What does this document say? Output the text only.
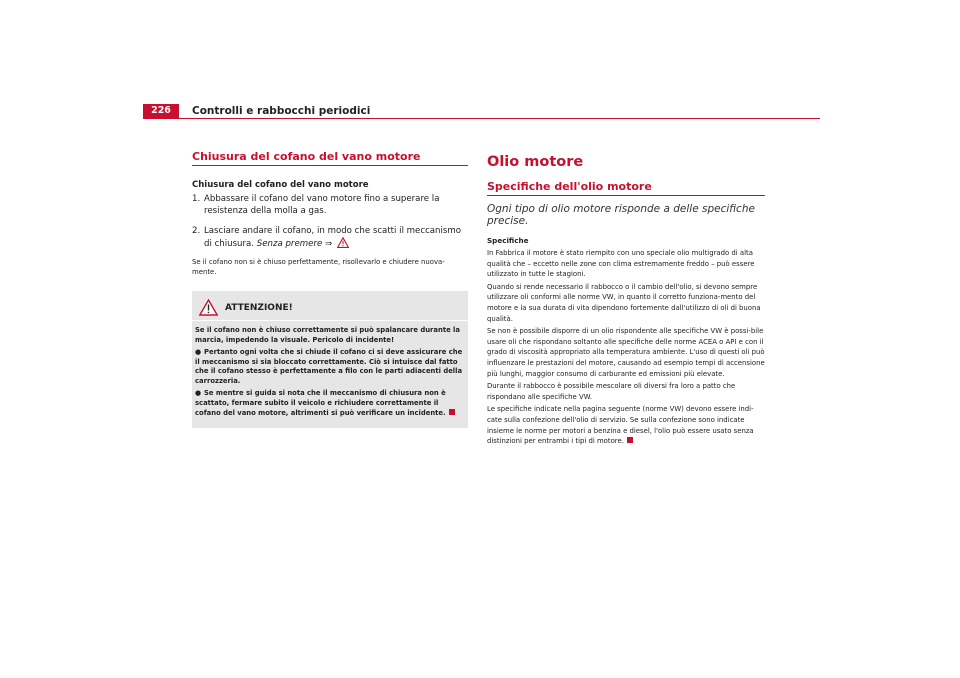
226	Controlli e rabbocchi periodici
Chiusura del cofano del vano motore
Chiusura del cofano del vano motore
1. Abbassare il cofano del vano motore fino a superare la resistenza della molla a gas.
2. Lasciare andare il cofano, in modo che scatti il meccanismo di chiusura. Senza premere ⇒
Se il cofano non si è chiuso perfettamente, risollevarlo e chiudere nuova-mente.
ATTENZIONE!
Se il cofano non è chiuso correttamente si può spalancare durante la marcia, impedendo la visuale. Pericolo di incidente!
● Pertanto ogni volta che si chiude il cofano ci si deve assicurare che il meccanismo si sia bloccato correttamente. Ciò si intuisce dal fatto che il cofano stesso è perfettamente a filo con le parti adiacenti della carrozzeria.
● Se mentre si guida si nota che il meccanismo di chiusura non è scattato, fermare subito il veicolo e richiudere correttamente il cofano del vano motore, altrimenti si può verificare un incidente.
Olio motore
Specifiche dell'olio motore
Ogni tipo di olio motore risponde a delle specifiche precise.
Specifiche
In Fabbrica il motore è stato riempito con uno speciale olio multigrado di alta qualità che – eccetto nelle zone con clima estremamente freddo – può essere utilizzato in tutte le stagioni.
Quando si rende necessario il rabbocco o il cambio dell'olio, si devono sempre utilizzare oli conformi alle norme VW, in quanto il corretto funziona-mento del motore e la sua durata di vita dipendono fortemente dall'utilizzo di oli di buona qualità.
Se non è possibile disporre di un olio rispondente alle specifiche VW è possi-bile usare oli che rispondano soltanto alle specifiche delle norme ACEA o API e con il grado di viscosità appropriato alla temperatura ambiente. L'uso di questi oli può influenzare le prestazioni del motore, causando ad esempio tempi di accensione più lunghi, maggior consumo di carburante ed emissioni più elevate.
Durante il rabbocco è possibile mescolare oli diversi fra loro a patto che rispondano alle specifiche VW.
Le specifiche indicate nella pagina seguente (norme VW) devono essere indi-cate sulla confezione dell'olio di servizio. Se sulla confezione sono indicate insieme le norme per motori a benzina e diesel, l'olio può essere usato senza distinzioni per entrambi i tipi di motore.
